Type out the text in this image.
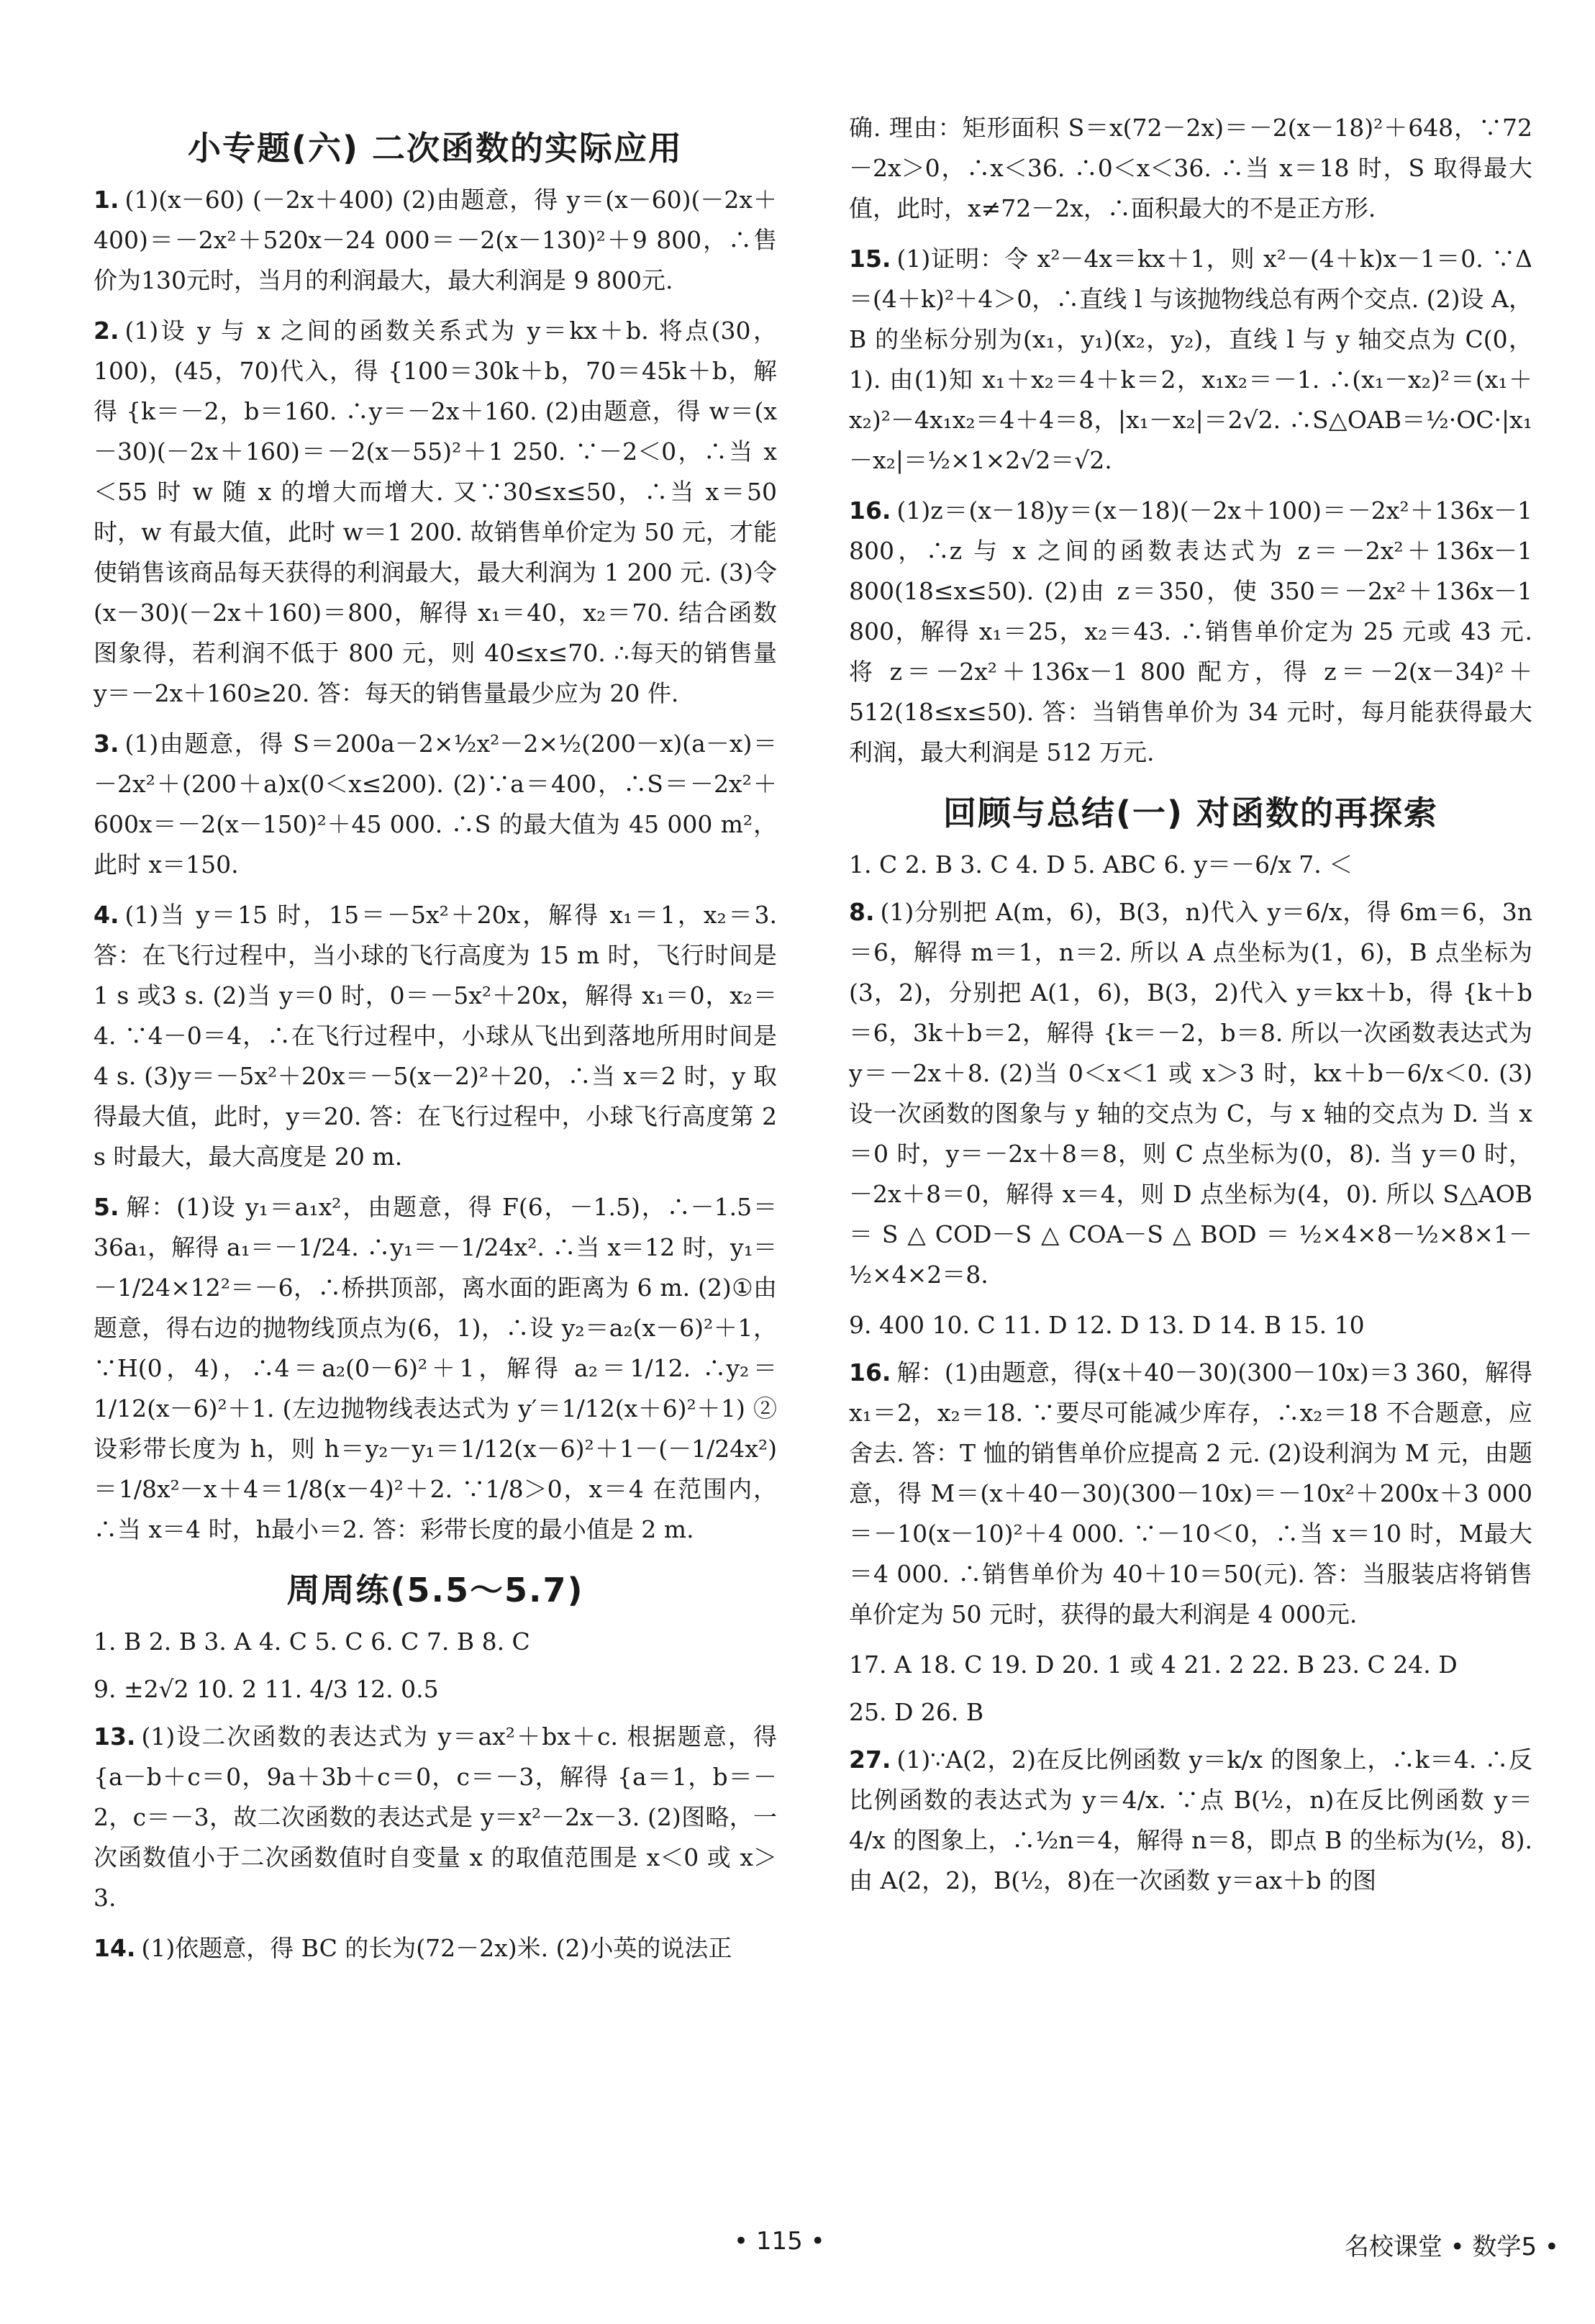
小专题(六) 二次函数的实际应用
1. (1)(x－60) (－2x＋400) (2)由题意，得 y＝(x－60)(－2x＋400)＝－2x²＋520x－24 000＝－2(x－130)²＋9 800，∴售价为130元时，当月的利润最大，最大利润是 9 800元.
2. (1)设 y 与 x 之间的函数关系式为 y＝kx＋b. 将点(30，100)，(45，70)代入，得 {100＝30k＋b，70＝45k＋b，解得 {k＝－2，b＝160. ∴y＝－2x＋160. (2)由题意，得 w＝(x－30)(－2x＋160)＝－2(x－55)²＋1 250. ∵－2＜0，∴当 x＜55 时 w 随 x 的增大而增大. 又∵30≤x≤50，∴当 x＝50 时，w 有最大值，此时 w＝1 200. 故销售单价定为 50 元，才能使销售该商品每天获得的利润最大，最大利润为 1 200 元. (3)令(x－30)(－2x＋160)＝800，解得 x₁＝40，x₂＝70. 结合函数图象得，若利润不低于 800 元，则 40≤x≤70. ∴每天的销售量 y＝－2x＋160≥20. 答：每天的销售量最少应为 20 件.
3. (1)由题意，得 S＝200a－2×½x²－2×½(200－x)(a－x)＝－2x²＋(200＋a)x(0＜x≤200). (2)∵a＝400，∴S＝－2x²＋600x＝－2(x－150)²＋45 000. ∴S 的最大值为 45 000 m²，此时 x＝150.
4. (1)当 y＝15 时，15＝－5x²＋20x，解得 x₁＝1，x₂＝3. 答：在飞行过程中，当小球的飞行高度为 15 m 时，飞行时间是 1 s 或3 s. (2)当 y＝0 时，0＝－5x²＋20x，解得 x₁＝0，x₂＝4. ∵4－0＝4，∴在飞行过程中，小球从飞出到落地所用时间是 4 s. (3)y＝－5x²＋20x＝－5(x－2)²＋20，∴当 x＝2 时，y 取得最大值，此时，y＝20. 答：在飞行过程中，小球飞行高度第 2 s 时最大，最大高度是 20 m.
5. 解：(1)设 y₁＝a₁x²，由题意，得 F(6，－1.5)，∴－1.5＝36a₁，解得 a₁＝－1/24. ∴y₁＝－1/24x². ∴当 x＝12 时，y₁＝－1/24×12²＝－6，∴桥拱顶部，离水面的距离为 6 m. (2)①由题意，得右边的抛物线顶点为(6，1)，∴设 y₂＝a₂(x－6)²＋1，∵H(0，4)，∴4＝a₂(0－6)²＋1，解得 a₂＝1/12. ∴y₂＝1/12(x－6)²＋1. (左边抛物线表达式为 y′＝1/12(x＋6)²＋1) ②设彩带长度为 h，则 h＝y₂－y₁＝1/12(x－6)²＋1－(－1/24x²)＝1/8x²－x＋4＝1/8(x－4)²＋2. ∵1/8＞0，x＝4 在范围内，∴当 x＝4 时，h最小＝2. 答：彩带长度的最小值是 2 m.
周周练(5.5～5.7)
1. B 2. B 3. A 4. C 5. C 6. C 7. B 8. C
9. ±2√2 10. 2 11. 4/3 12. 0.5
13. (1)设二次函数的表达式为 y＝ax²＋bx＋c. 根据题意，得 {a－b＋c＝0，9a＋3b＋c＝0，c＝－3，解得 {a＝1，b＝－2，c＝－3，故二次函数的表达式是 y＝x²－2x－3. (2)图略，一次函数值小于二次函数值时自变量 x 的取值范围是 x＜0 或 x＞3.
14. (1)依题意，得 BC 的长为(72－2x)米. (2)小英的说法正
确. 理由：矩形面积 S＝x(72－2x)＝－2(x－18)²＋648，∵72－2x＞0，∴x＜36. ∴0＜x＜36. ∴当 x＝18 时，S 取得最大值，此时，x≠72－2x，∴面积最大的不是正方形.
15. (1)证明：令 x²－4x＝kx＋1，则 x²－(4＋k)x－1＝0. ∵Δ＝(4＋k)²＋4＞0，∴直线 l 与该抛物线总有两个交点. (2)设 A，B 的坐标分别为(x₁，y₁)(x₂，y₂)，直线 l 与 y 轴交点为 C(0，1). 由(1)知 x₁＋x₂＝4＋k＝2，x₁x₂＝－1. ∴(x₁－x₂)²＝(x₁＋x₂)²－4x₁x₂＝4＋4＝8，|x₁－x₂|＝2√2. ∴S△OAB＝½·OC·|x₁－x₂|＝½×1×2√2＝√2.
16. (1)z＝(x－18)y＝(x－18)(－2x＋100)＝－2x²＋136x－1 800，∴z 与 x 之间的函数表达式为 z＝－2x²＋136x－1 800(18≤x≤50). (2)由 z＝350，使 350＝－2x²＋136x－1 800，解得 x₁＝25，x₂＝43. ∴销售单价定为 25 元或 43 元. 将 z＝－2x²＋136x－1 800 配方，得 z＝－2(x－34)²＋512(18≤x≤50). 答：当销售单价为 34 元时，每月能获得最大利润，最大利润是 512 万元.
回顾与总结(一) 对函数的再探索
1. C 2. B 3. C 4. D 5. ABC 6. y＝－6/x 7. ＜
8. (1)分别把 A(m，6)，B(3，n)代入 y＝6/x，得 6m＝6，3n＝6，解得 m＝1，n＝2. 所以 A 点坐标为(1，6)，B 点坐标为(3，2)，分别把 A(1，6)，B(3，2)代入 y＝kx＋b，得 {k＋b＝6，3k＋b＝2，解得 {k＝－2，b＝8. 所以一次函数表达式为 y＝－2x＋8. (2)当 0＜x＜1 或 x＞3 时，kx＋b－6/x＜0. (3)设一次函数的图象与 y 轴的交点为 C，与 x 轴的交点为 D. 当 x＝0 时，y＝－2x＋8＝8，则 C 点坐标为(0，8). 当 y＝0 时，－2x＋8＝0，解得 x＝4，则 D 点坐标为(4，0). 所以 S△AOB＝S△COD－S△COA－S△BOD＝½×4×8－½×8×1－½×4×2＝8.
9. 400 10. C 11. D 12. D 13. D 14. B 15. 10
16. 解：(1)由题意，得(x＋40－30)(300－10x)＝3 360，解得 x₁＝2，x₂＝18. ∵要尽可能减少库存，∴x₂＝18 不合题意，应舍去. 答：T 恤的销售单价应提高 2 元. (2)设利润为 M 元，由题意，得 M＝(x＋40－30)(300－10x)＝－10x²＋200x＋3 000＝－10(x－10)²＋4 000. ∵－10＜0，∴当 x＝10 时，M最大＝4 000. ∴销售单价为 40＋10＝50(元). 答：当服装店将销售单价定为 50 元时，获得的最大利润是 4 000元.
17. A 18. C 19. D 20. 1 或 4 21. 2 22. B 23. C 24. D
25. D 26. B
27. (1)∵A(2，2)在反比例函数 y＝k/x 的图象上，∴k＝4. ∴反比例函数的表达式为 y＝4/x. ∵点 B(½，n)在反比例函数 y＝4/x 的图象上，∴½n＝4，解得 n＝8，即点 B 的坐标为(½，8). 由 A(2，2)，B(½，8)在一次函数 y＝ax＋b 的图
• 115 •	名校课堂 • 数学5 •
